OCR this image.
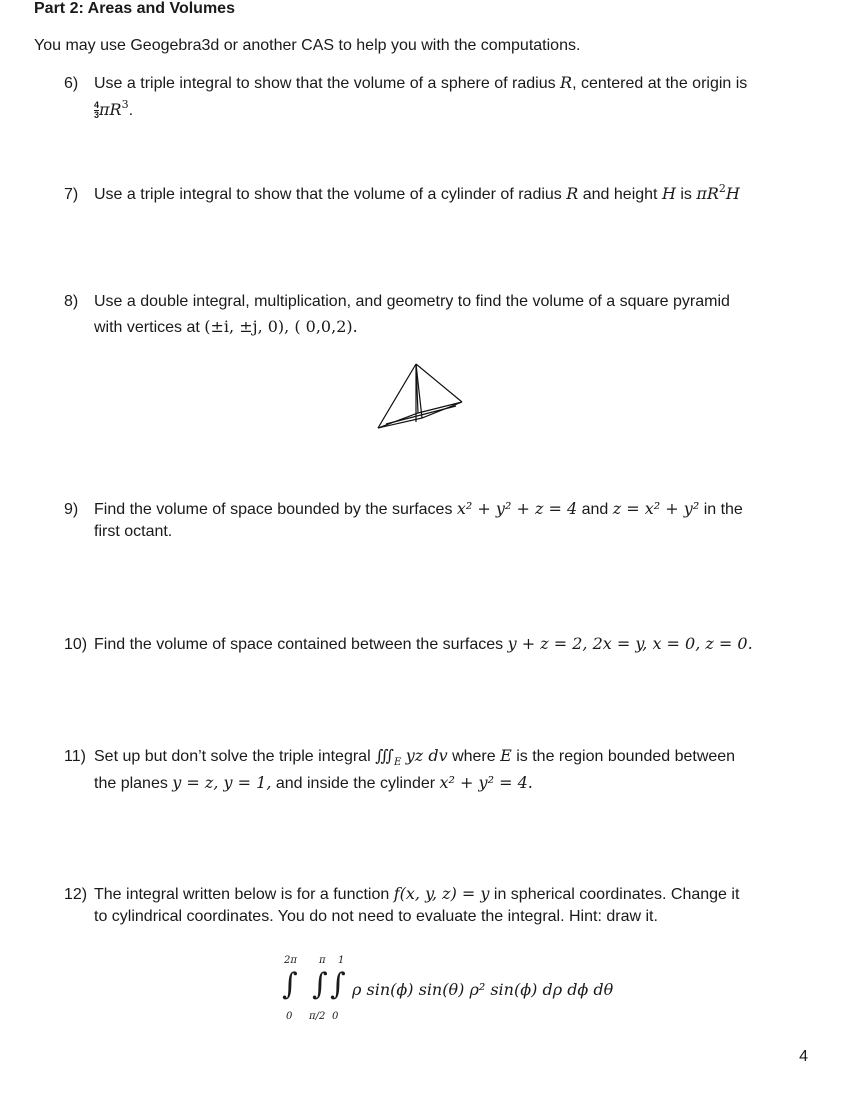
Part 2: Areas and Volumes
You may use Geogebra3d or another CAS to help you with the computations.
6) Use a triple integral to show that the volume of a sphere of radius R, centered at the origin is
$\frac{4}{3} \pi R^3$.
7) Use a triple integral to show that the volume of a cylinder of radius R and height H is $\pi R^2H$
8) Use a double integral, multiplication, and geometry to find the volume of a square pyramid
with vertices at (±i, ±j, 0), ( 0,0,2).
9) Find the volume of space bounded by the surfaces x² + y² + z = 4 and z = x² + y² in the
first octant.
10) Find the volume of space contained between the surfaces y + z = 2, 2x = y, x = 0, z = 0.
11) Set up but don’t solve the triple integral $∭_E$ yz dv where E is the region bounded between
the planes y = z, y = 1, and inside the cylinder x² + y² = 4.
12) The integral written below is for a function f(x, y, z) = y in spherical coordinates. Change it
to cylindrical coordinates. You do not need to evaluate the integral. Hint: draw it.
2π
0
∫
π
π/2
∫
1
0
∫ ρ sin(ϕ) sin(θ) ρ² sin(ϕ) dρ dϕ dθ
4
